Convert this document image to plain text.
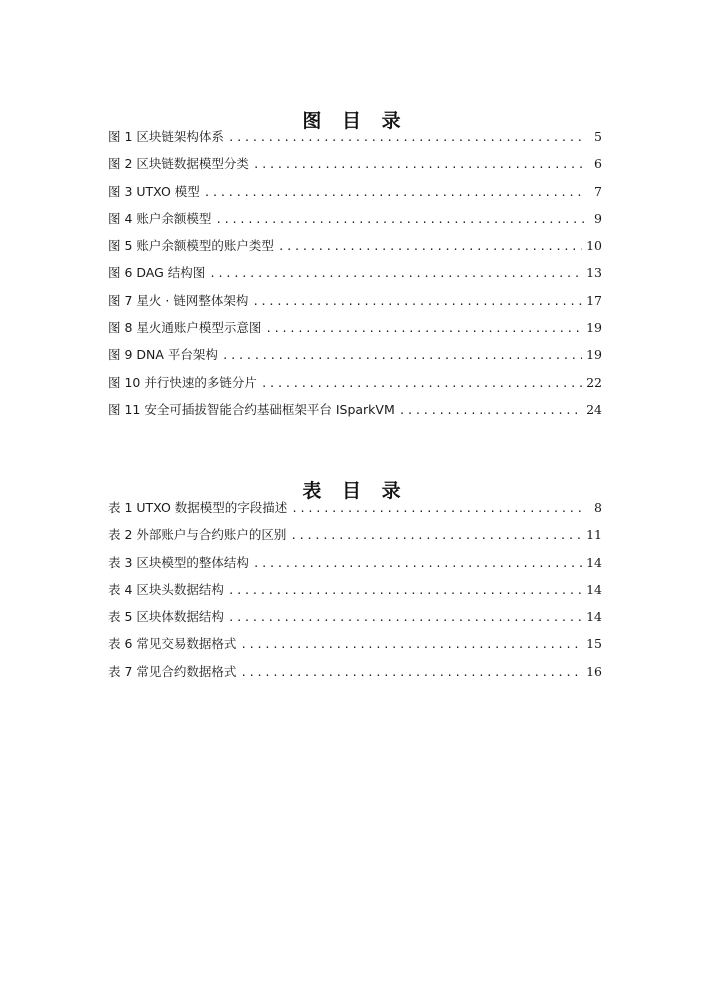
图 目 录
图 1 区块链架构体系 .....	5
图 2 区块链数据模型分类 .....	6
图 3 UTXO 模型 .....	7
图 4 账户余额模型 .....	9
图 5 账户余额模型的账户类型 .....	10
图 6 DAG 结构图 .....	13
图 7 星火 · 链网整体架构 .....	17
图 8 星火通账户模型示意图 .....	19
图 9 DNA 平台架构 .....	19
图 10 并行快速的多链分片 .....	22
图 11 安全可插拔智能合约基础框架平台 ISparkVM .....	24
表 目 录
表 1 UTXO 数据模型的字段描述 .....	8
表 2 外部账户与合约账户的区别 .....	11
表 3 区块模型的整体结构 .....	14
表 4 区块头数据结构 .....	14
表 5 区块体数据结构 .....	14
表 6 常见交易数据格式 .....	15
表 7 常见合约数据格式 .....	16
